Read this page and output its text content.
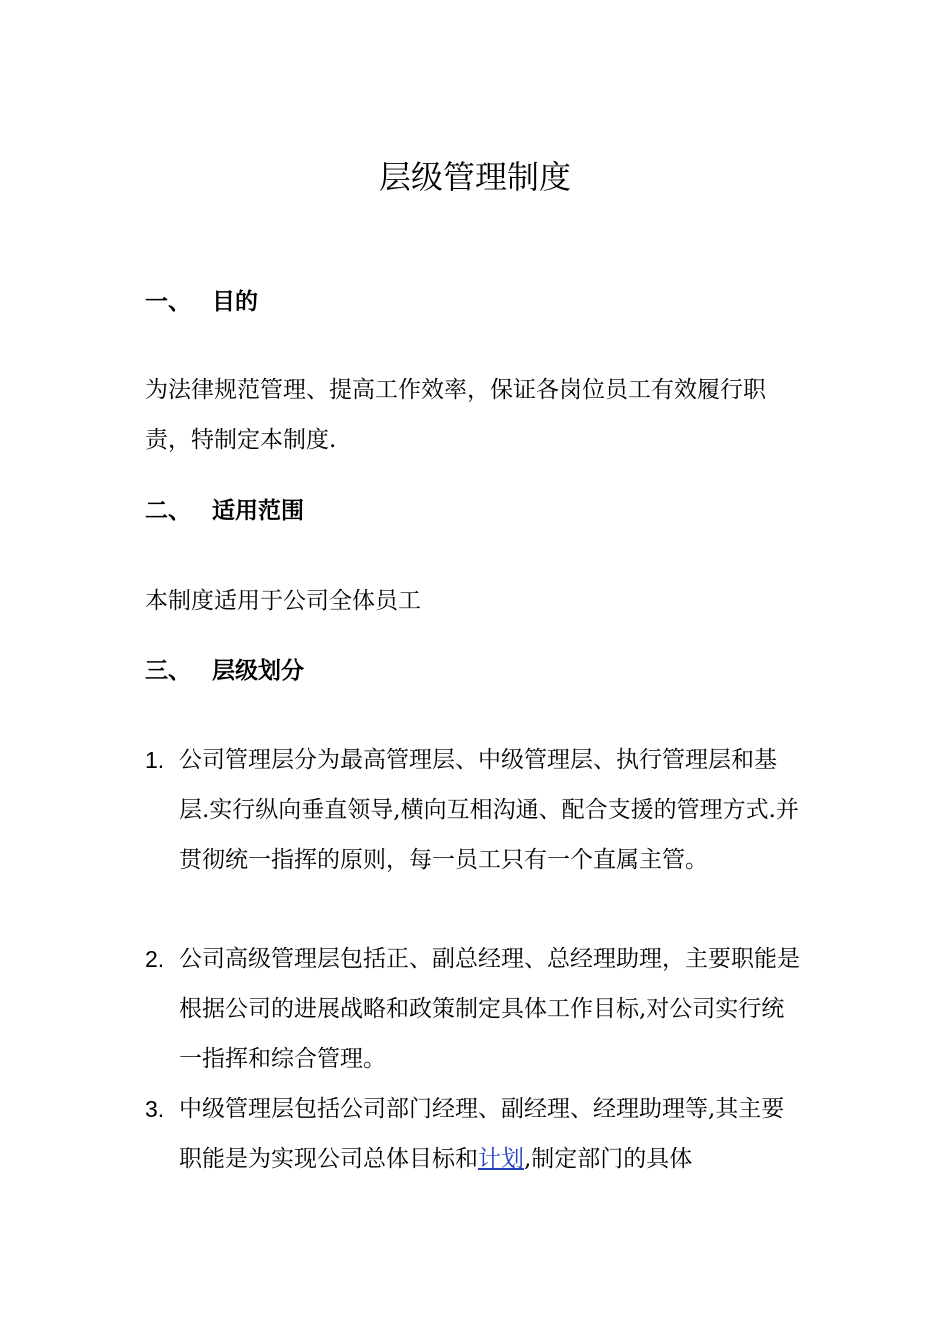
层级管理制度
一、 目的

为法律规范管理、提高工作效率，保证各岗位员工有效履行职责，特制定本制度.

二、 适用范围

本制度适用于公司全体员工

三、 层级划分
1. 公司管理层分为最高管理层、中级管理层、执行管理层和基层.实行纵向垂直领导,横向互相沟通、配合支援的管理方式.并贯彻统一指挥的原则，每一员工只有一个直属主管。
2. 公司高级管理层包括正、副总经理、总经理助理，主要职能是根据公司的进展战略和政策制定具体工作目标,对公司实行统一指挥和综合管理。
3. 中级管理层包括公司部门经理、副经理、经理助理等,其主要职能是为实现公司总体目标和计划,制定部门的具体
